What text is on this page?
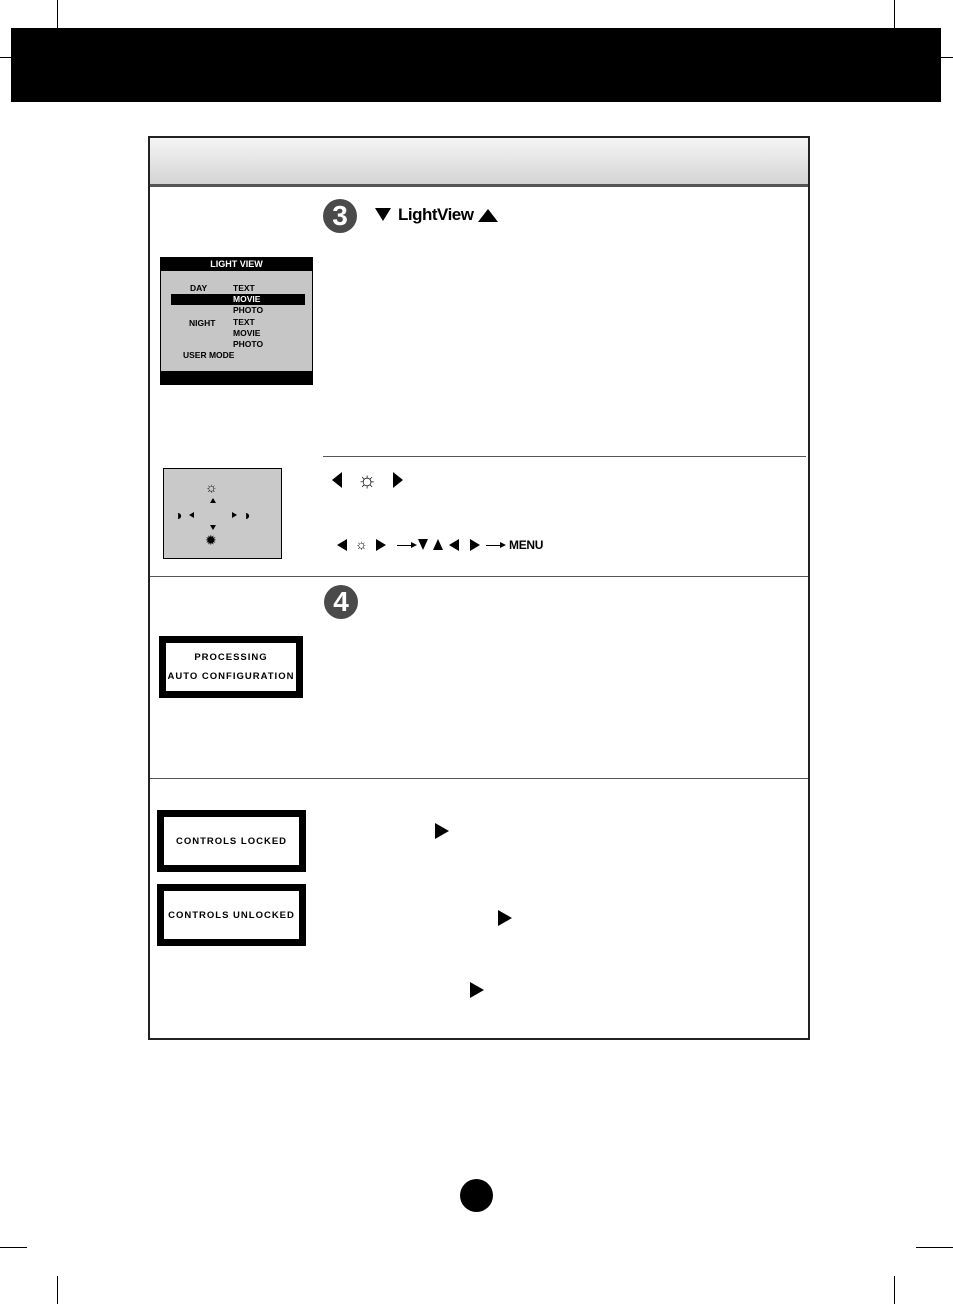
3	LightView
LIGHT VIEW
DAY	TEXT
MOVIE
PHOTO
NIGHT TEXT
MOVIE
PHOTO
USER MODE
☼
◑	◑
✹
☼
☼	MENU
4
PROCESSING
AUTO CONFIGURATION
CONTROLS LOCKED
CONTROLS UNLOCKED
